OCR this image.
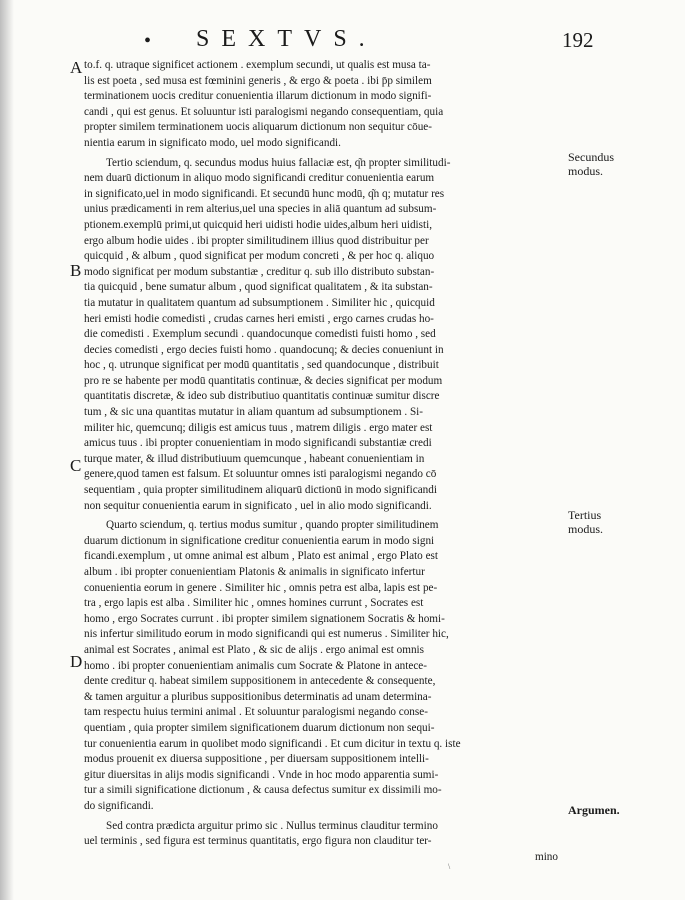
• SEXTVS.	192
A
B
C
D
Secundus
modus.
Tertius
modus.
Argumen.
to.f. q. utraque significet actionem . exemplum secundi, ut qualis est musa ta-
lis est poeta , sed musa est fœminini generis , & ergo & poeta . ibi p̄p similem
terminationem uocis creditur conuenientia illarum dictionum in modo signifi-
candi , qui est genus. Et soluuntur isti paralogismi negando consequentiam, quia
propter similem terminationem uocis aliquarum dictionum non sequitur cōue-
nientia earum in significato modo, uel modo significandi.
Tertio sciendum, q. secundus modus huius fallaciæ est, q͂n propter similitudi-
nem duarū dictionum in aliquo modo significandi creditur conuenientia earum
in significato,uel in modo significandi. Et secundū hunc modū, q͂n q; mutatur res
unius prædicamenti in rem alterius,uel una species in aliā quantum ad subsum-
ptionem.exemplū primi,ut quicquid heri uidisti hodie uides,album heri uidisti,
ergo album hodie uides . ibi propter similitudinem illius quod distribuitur per
quicquid , & album , quod significat per modum concreti , & per hoc q. aliquo
modo significat per modum substantiæ , creditur q. sub illo distributo substan-
tia quicquid , bene sumatur album , quod significat qualitatem , & ita substan-
tia mutatur in qualitatem quantum ad subsumptionem . Similiter hic , quicquid
heri emisti hodie comedisti , crudas carnes heri emisti , ergo carnes crudas ho-
die comedisti . Exemplum secundi . quandocunque comedisti fuisti homo , sed
decies comedisti , ergo decies fuisti homo . quandocunq; & decies conueniunt in
hoc , q. utrunque significat per modū quantitatis , sed quandocunque , distribuit
pro re se habente per modū quantitatis continuæ, & decies significat per modum
quantitatis discretæ, & ideo sub distributiuo quantitatis continuæ sumitur discre
tum , & sic una quantitas mutatur in aliam quantum ad subsumptionem . Si-
militer hic, quemcunq; diligis est amicus tuus , matrem diligis . ergo mater est
amicus tuus . ibi propter conuenientiam in modo significandi substantiæ credi
turque mater, & illud distributiuum quemcunque , habeant conuenientiam in
genere,quod tamen est falsum. Et soluuntur omnes isti paralogismi negando cō
sequentiam , quia propter similitudinem aliquarū dictionū in modo significandi
non sequitur conuenientia earum in significato , uel in alio modo significandi.
Quarto sciendum, q. tertius modus sumitur , quando propter similitudinem
duarum dictionum in significatione creditur conuenientia earum in modo signi
ficandi.exemplum , ut omne animal est album , Plato est animal , ergo Plato est
album . ibi propter conuenientiam Platonis & animalis in significato infertur
conuenientia eorum in genere . Similiter hic , omnis petra est alba, lapis est pe-
tra , ergo lapis est alba . Similiter hic , omnes homines currunt , Socrates est
homo , ergo Socrates currunt . ibi propter similem signationem Socratis & homi-
nis infertur similitudo eorum in modo significandi qui est numerus . Similiter hic,
animal est Socrates , animal est Plato , & sic de alijs . ergo animal est omnis
homo . ibi propter conuenientiam animalis cum Socrate & Platone in antece-
dente creditur q. habeat similem suppositionem in antecedente & consequente,
& tamen arguitur a pluribus suppositionibus determinatis ad unam determina-
tam respectu huius termini animal . Et soluuntur paralogismi negando conse-
quentiam , quia propter similem significationem duarum dictionum non sequi-
tur conuenientia earum in quolibet modo significandi . Et cum dicitur in textu q. iste
modus prouenit ex diuersa suppositione , per diuersam suppositionem intelli-
gitur diuersitas in alijs modis significandi . Vnde in hoc modo apparentia sumi-
tur a simili significatione dictionum , & causa defectus sumitur ex dissimili mo-
do significandi.
Sed contra prædicta arguitur primo sic . Nullus terminus clauditur termino
uel terminis , sed figura est terminus quantitatis, ergo figura non clauditur ter-
mino
\
